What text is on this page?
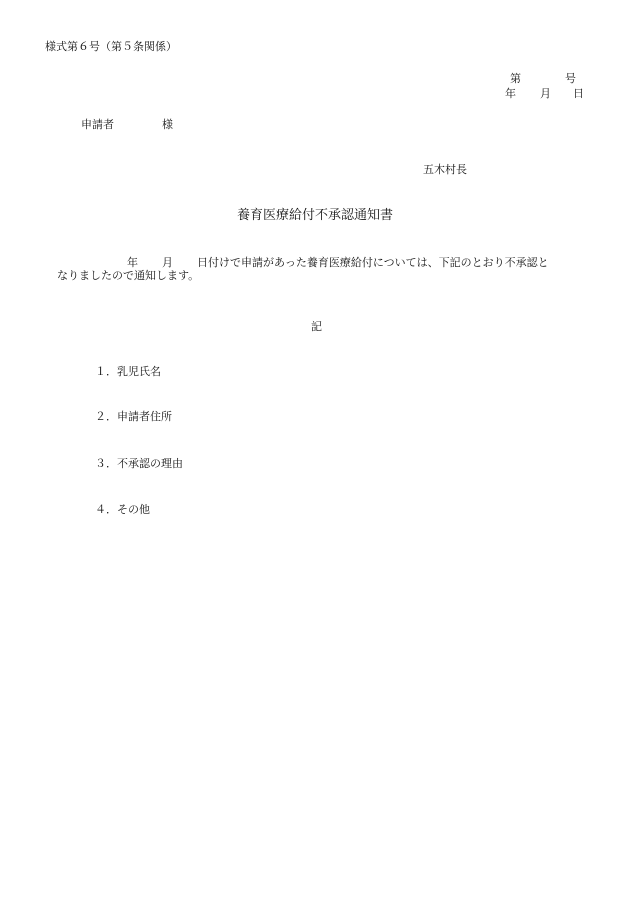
様式第６号（第５条関係）
第	号
年 月 日
申請者	様
五木村長
養育医療給付不承認通知書
年 月 日付けで申請があった養育医療給付については、下記のとおり不承認と
なりましたので通知します。
記
１．乳児氏名
２．申請者住所
３．不承認の理由
４．その他
